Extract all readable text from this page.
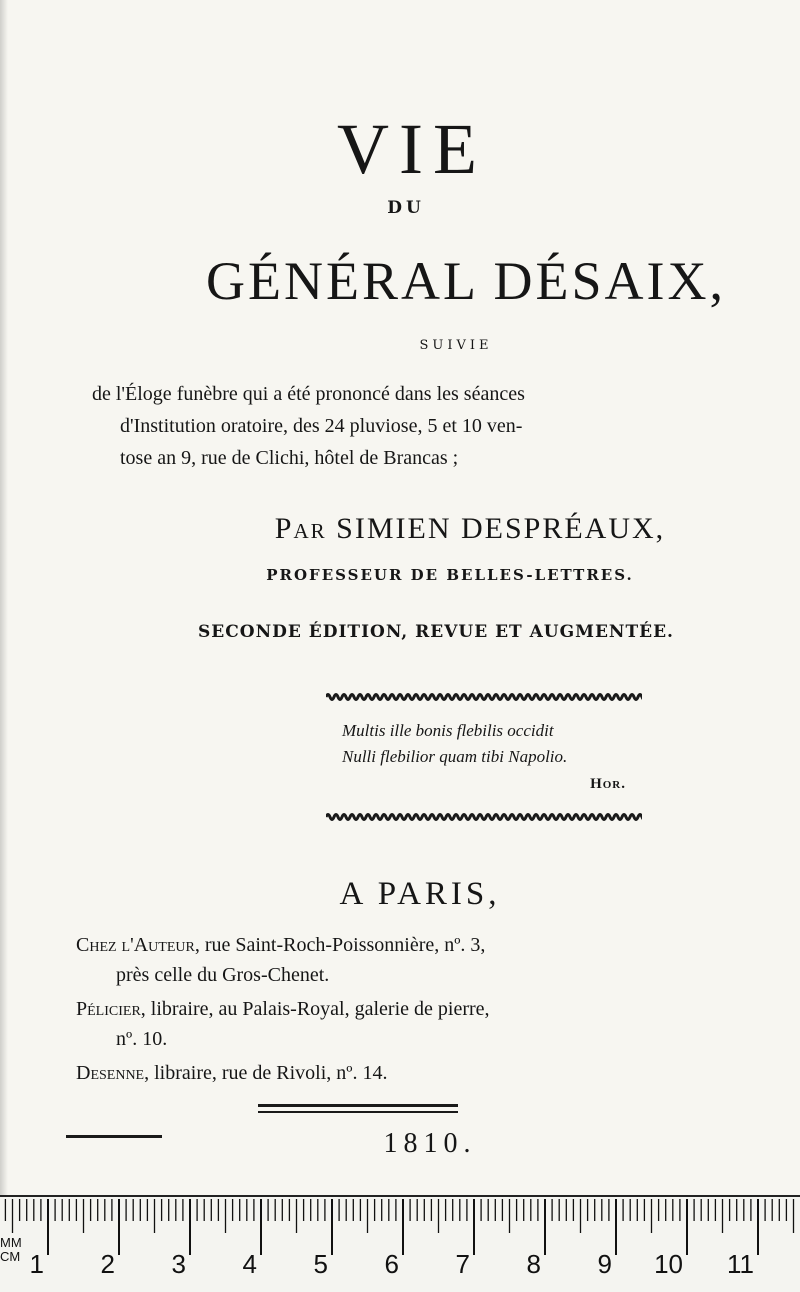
VIE
DU
GÉNÉRAL DÉSAIX,
SUIVIE
de l'Éloge funèbre qui a été prononcé dans les séances
d'Institution oratoire, des 24 pluviose, 5 et 10 ven-
tose an 9, rue de Clichi, hôtel de Brancas ;
Par SIMIEN DESPRÉAUX,
PROFESSEUR DE BELLES-LETTRES.
SECONDE ÉDITION, REVUE ET AUGMENTÉE.
Multis ille bonis flebilis occidit
Nulli flebilior quam tibi Napolio.
Hor.
A PARIS,
Chez l'Auteur, rue Saint-Roch-Poissonnière, nº. 3,
près celle du Gros-Chenet.
Pélicier, libraire, au Palais-Royal, galerie de pierre,
nº. 10.
Desenne, libraire, rue de Rivoli, nº. 14.
1810.
1 2 3 4 5 6 7 8 9 10 11
MM
CM
